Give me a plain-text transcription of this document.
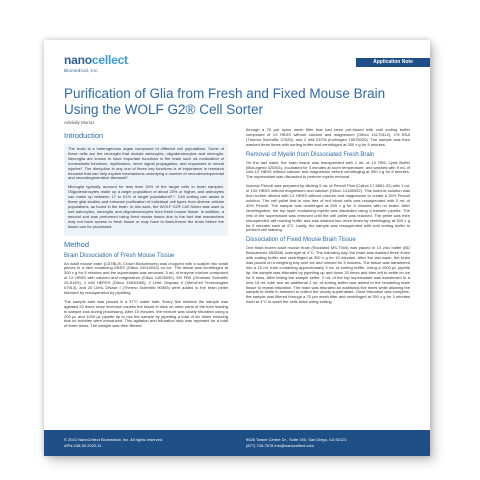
nanocellect.
Biomedical, Inc.
Application Note
Purification of Glia from Fresh and Fixed Mouse Brain Using the WOLF G2® Cell Sorter
Adelaily Munoz
Introduction

The brain is a heterogenous organ composed of different cell populations. Some of these cells are the neuroglia that include astrocytes, oligodendrocytes and microglia. Neuroglia are known to have important functions in the brain such as modulation of homeostatic functions, myelination, nerve signal propagation, and responses to neural injuries¹. The disruption in any one of these key functions is of importance in research because that can help explain mechanisms underlying a number of neurodevelopmental and neurodegenerative diseases².

Microglia typically account for less than 15% of the target cells in brain samples. Oligodendrocytes make up a larger population of about 20% or higher, and astrocytes can make up between 17 to 61% of target populations³,⁴. Cell sorting can assist in these glial studies and enhance purification of individual cell types from diverse cellular populations, as found in the brain. In this work, the WOLF G2® Cell Sorter was used to sort astrocytes, microglia, and oligodendrocytes from fresh mouse tissue. In addition, a second sort was performed using fixed mouse tissue due to the fact that researchers may not have access to fresh tissue or may have to flash-freeze the brain before the tissue can be processed.

Method
Brain Dissociation of Fresh Mouse Tissue

An adult mouse brain (C57BL/6, Crown Biosciences) was chopped with a scalpel into small pieces in a dish containing EBSS (Gibco 24010043) on ice. The tissue was centrifuged at 300 x g for 5 minutes and the supernatant was removed. 5 mL of enzyme mixture composed of 1X HBSS with calcium and magnesium (Gibco 14025092), 5% FBS (Genesee Scientific 25-514H), 1 mM HEPES (Gibco 15630080), 2 U/mL Dispase II (StemCell Technologies 07913), and 20 U/mL DNase I (Thermo Scientific 90083) were added to the brain pellet followed by resuspension by pipetting.

The sample tube was placed in a 37°C water bath. Every five minutes the sample was agitated 20 times since inversion causes the tissue to stick on other parts of the tube leading to sample loss during processing. After 15 minutes, the mixture was slowly triturated using a 200 µL and 1000 µL pipette tip to mix the sample by pipetting a total of six times ensuring that no bubbles were introduced. This agitation and trituration step was repeated for a total of three times. The sample was then filtered

through a 70 µm nylon mesh filter that had been pre-rinsed with cold sorting buffer composed of 1X HBSS without calcium and magnesium (Gibco 14170112), 1% BSA (Thermo Scientific 37525), and 2 mM EDTA (Invitrogen 15575020). The sample was then washed three times with sorting buffer and centrifuged at 300 x g for 5 minutes.

Removal of Myelin from Dissociated Fresh Brain

On the last wash, the brain tissue was resuspended with 1 mL of 1X RBC Lysis Buffer (BioLegend 420301), incubated for 3 minutes at room temperature, and washed with 9 mL of cold 1X HBSS without calcium and magnesium before centrifuging at 300 x g for 5 minutes. The supernatant was discarded to perform myelin removal.

Isotonic Percoll was prepared by diluting 9 mL of Percoll Plus (Cytiva 17-5891-02) with 1 mL of 10X HBSS without magnesium and calcium (Gibco 14185052). This isotonic solution was then further diluted with 1X HBSS without calcium and magnesium to create a 30% Percoll solution. The cell pellet that is now free of red blood cells was resuspended with 3 mL of 30% Percoll. The sample was centrifuged at 500 x g for 5 minutes with no brake. After centrifugation, the top layer containing myelin was discarded using a transfer pipette. The rest of the supernatant was removed until the cell pellet was reached. The pellet was then resuspended with sorting buffer and was washed two more times by centrifuging at 300 x g for 5 minutes each at 4°C. Lastly, the sample was resuspended with cold sorting buffer to perform cell staining.

Dissociation of Fixed Mouse Brain Tissue

One flash-frozen adult mouse brain (Rockland MS-T004) was placed in 1X zinc buffer (BD Biosciences 552658) overnight at 4°C. The following day, the brain was washed three times with sorting buffer and centrifuged at 300 x g for 10 minutes. After the last wash, the brain was placed on a weighing tray over ice and minced for 3 minutes. The tissue was transferred into a 15 mL tube containing approximately 3 mL of sorting buffer. Using a 1000 µL pipette tip, the sample was triturated by pipetting up and down 20 times and then left to settle on ice for 5 mins. After letting the sample settle, 2 mL of the top supernatant was transferred to a new 15 mL tube and an additional 2 mL of sorting buffer was added to the remaining brain tissue to repeat trituration. The brain was triturated an additional five times while allowing the sample to settle in between to collect the cloudy supernatant. Once trituration was complete, the sample was filtered through a 70 µm mesh filter and centrifuged at 250 x g for 3 minutes each at 4°C to wash the cells twice using sorting

© 2022 NanoCellect Biomedical, Inc. All rights reserved.
APN-035-00 2022-11
9525 Towne Centre Dr., Suite 150, San Diego, CA 92121
(877) 745-7678 info@nanocellect.com
